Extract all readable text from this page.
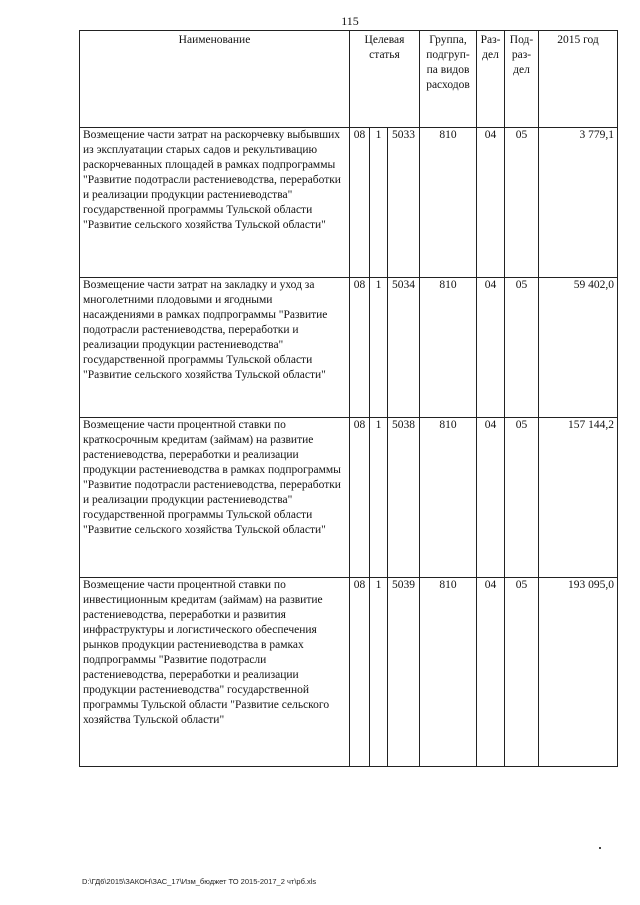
115
Наименование	Целевая статья			Группа, подгруп-па видов расходов	Раз-дел	Под-раз-дел	2015 год
Возмещение части затрат на раскорчевку выбывших из эксплуатации старых садов и рекультивацию раскорчеванных площадей в рамках подпрограммы "Развитие подотрасли растениеводства, переработки и реализации продукции растениеводства" государственной программы Тульской области "Развитие сельского хозяйства Тульской области"	08	1	5033	810	04	05	3 779,1
Возмещение части затрат на закладку и уход за многолетними плодовыми и ягодными насаждениями в рамках подпрограммы "Развитие подотрасли растениеводства, переработки и реализации продукции растениеводства" государственной программы Тульской области "Развитие сельского хозяйства Тульской области"	08	1	5034	810	04	05	59 402,0
Возмещение части процентной ставки по краткосрочным кредитам (займам) на развитие растениеводства, переработки и реализации продукции растениеводства в рамках подпрограммы "Развитие подотрасли растениеводства, переработки и реализации продукции растениеводства" государственной программы Тульской области "Развитие сельского хозяйства Тульской области"	08	1	5038	810	04	05	157 144,2
Возмещение части процентной ставки по инвестиционным кредитам (займам) на развитие растениеводства, переработки и развития инфраструктуры и логистического обеспечения рынков продукции растениеводства в рамках подпрограммы "Развитие подотрасли растениеводства, переработки и реализации продукции растениеводства" государственной программы Тульской области "Развитие сельского хозяйства Тульской области"	08	1	5039	810	04	05	193 095,0
D:\ГД6\2015\ЗАКОН\ЗАС_17\Изм_бюджет ТО 2015-2017_2 чт\рб.xls
